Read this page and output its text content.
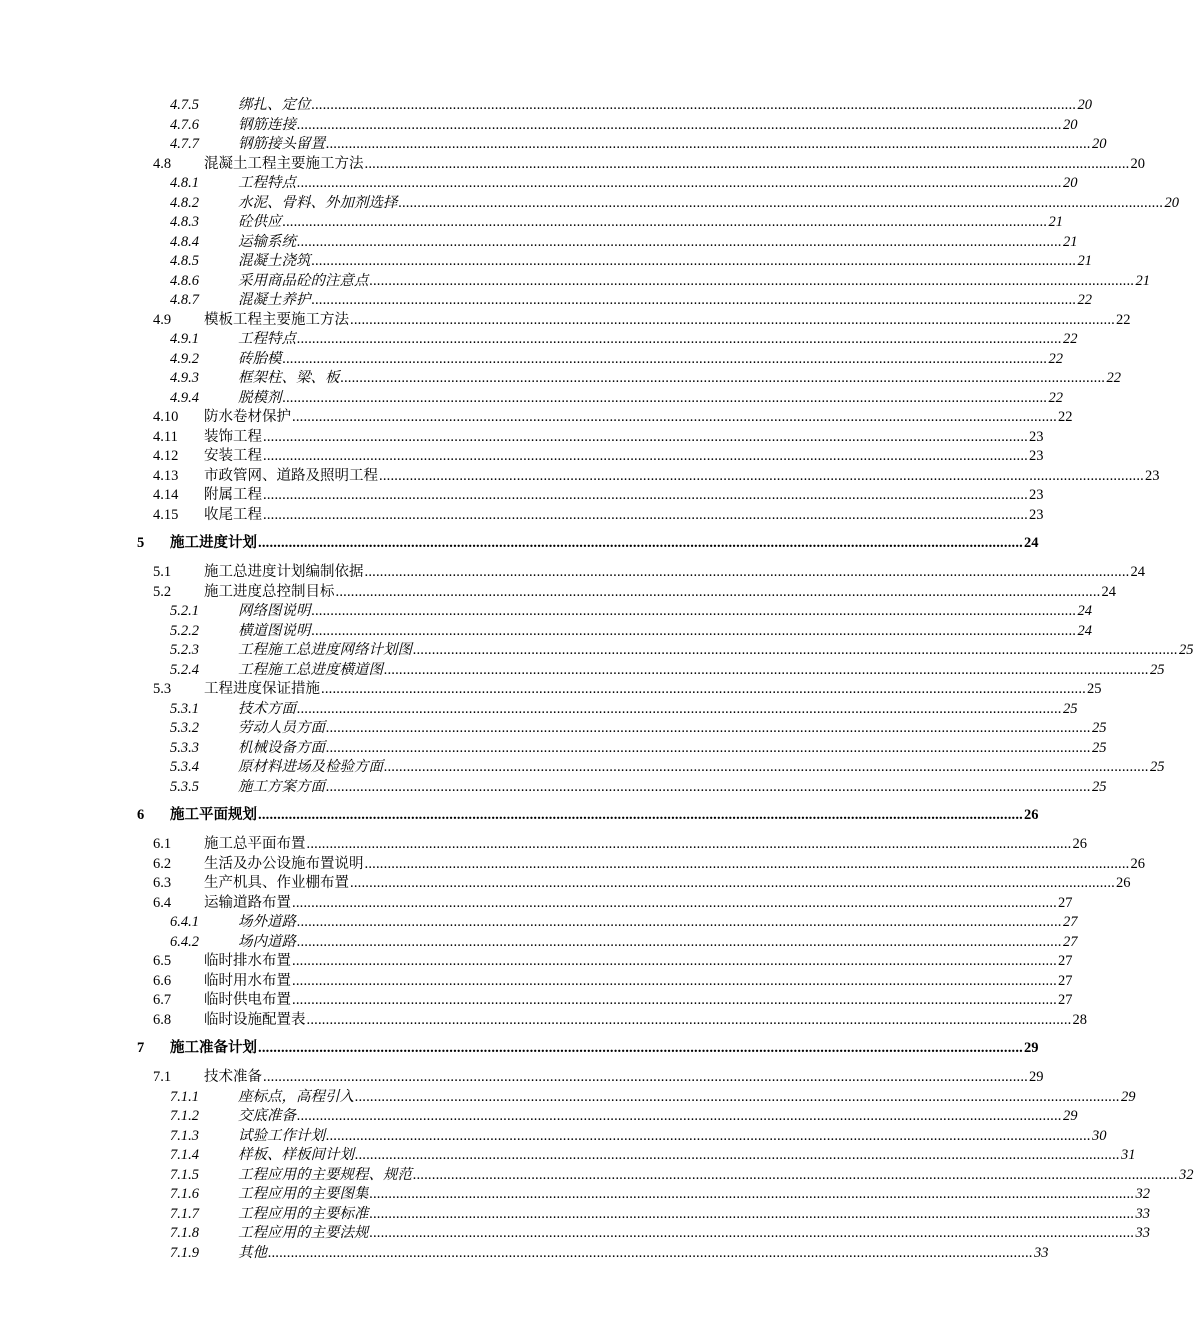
4.7.5	绑扎、定位 ........................................................................................................................................................................................................ 20
4.7.6	钢筋连接 ........................................................................................................................................................................................................ 20
4.7.7	钢筋接头留置 ........................................................................................................................................................................................................ 20
4.8 混凝土工程主要施工方法 ........................................................................................................................................................................................................ 20
4.8.1	工程特点 ........................................................................................................................................................................................................ 20
4.8.2	水泥、骨料、外加剂选择 ........................................................................................................................................................................................................ 20
4.8.3	砼供应 ........................................................................................................................................................................................................ 21
4.8.4	运输系统 ........................................................................................................................................................................................................ 21
4.8.5	混凝土浇筑 ........................................................................................................................................................................................................ 21
4.8.6	采用商品砼的注意点 ........................................................................................................................................................................................................ 21
4.8.7	混凝土养护 ........................................................................................................................................................................................................ 22
4.9 模板工程主要施工方法 ........................................................................................................................................................................................................ 22
4.9.1	工程特点 ........................................................................................................................................................................................................ 22
4.9.2	砖胎模 ........................................................................................................................................................................................................ 22
4.9.3	框架柱、梁、板 ........................................................................................................................................................................................................ 22
4.9.4	脱模剂 ........................................................................................................................................................................................................ 22
4.10 防水卷材保护 ........................................................................................................................................................................................................ 22
4.11 装饰工程 ........................................................................................................................................................................................................ 23
4.12 安装工程 ........................................................................................................................................................................................................ 23
4.13 市政管网、道路及照明工程 ........................................................................................................................................................................................................ 23
4.14 附属工程 ........................................................................................................................................................................................................ 23
4.15 收尾工程 ........................................................................................................................................................................................................ 23
5 施工进度计划 ........................................................................................................................................................................................................ 24
5.1 施工总进度计划编制依据 ........................................................................................................................................................................................................ 24
5.2 施工进度总控制目标 ........................................................................................................................................................................................................ 24
5.2.1	网络图说明 ........................................................................................................................................................................................................ 24
5.2.2	横道图说明 ........................................................................................................................................................................................................ 24
5.2.3	工程施工总进度网络计划图 ........................................................................................................................................................................................................ 25
5.2.4	工程施工总进度横道图 ........................................................................................................................................................................................................ 25
5.3 工程进度保证措施 ........................................................................................................................................................................................................ 25
5.3.1	技术方面 ........................................................................................................................................................................................................ 25
5.3.2	劳动人员方面 ........................................................................................................................................................................................................ 25
5.3.3	机械设备方面 ........................................................................................................................................................................................................ 25
5.3.4	原材料进场及检验方面 ........................................................................................................................................................................................................ 25
5.3.5	施工方案方面 ........................................................................................................................................................................................................ 25
6 施工平面规划 ........................................................................................................................................................................................................ 26
6.1 施工总平面布置 ........................................................................................................................................................................................................ 26
6.2 生活及办公设施布置说明 ........................................................................................................................................................................................................ 26
6.3 生产机具、作业棚布置 ........................................................................................................................................................................................................ 26
6.4 运输道路布置 ........................................................................................................................................................................................................ 27
6.4.1	场外道路 ........................................................................................................................................................................................................ 27
6.4.2	场内道路 ........................................................................................................................................................................................................ 27
6.5 临时排水布置 ........................................................................................................................................................................................................ 27
6.6 临时用水布置 ........................................................................................................................................................................................................ 27
6.7 临时供电布置 ........................................................................................................................................................................................................ 27
6.8 临时设施配置表 ........................................................................................................................................................................................................ 28
7 施工准备计划 ........................................................................................................................................................................................................ 29
7.1 技术准备 ........................................................................................................................................................................................................ 29
7.1.1	座标点，高程引入 ........................................................................................................................................................................................................ 29
7.1.2	交底准备 ........................................................................................................................................................................................................ 29
7.1.3	试验工作计划 ........................................................................................................................................................................................................ 30
7.1.4	样板、样板间计划 ........................................................................................................................................................................................................ 31
7.1.5	工程应用的主要规程、规范 ........................................................................................................................................................................................................ 32
7.1.6	工程应用的主要图集 ........................................................................................................................................................................................................ 32
7.1.7	工程应用的主要标准 ........................................................................................................................................................................................................ 33
7.1.8	工程应用的主要法规 ........................................................................................................................................................................................................ 33
7.1.9	其他 ........................................................................................................................................................................................................ 33
